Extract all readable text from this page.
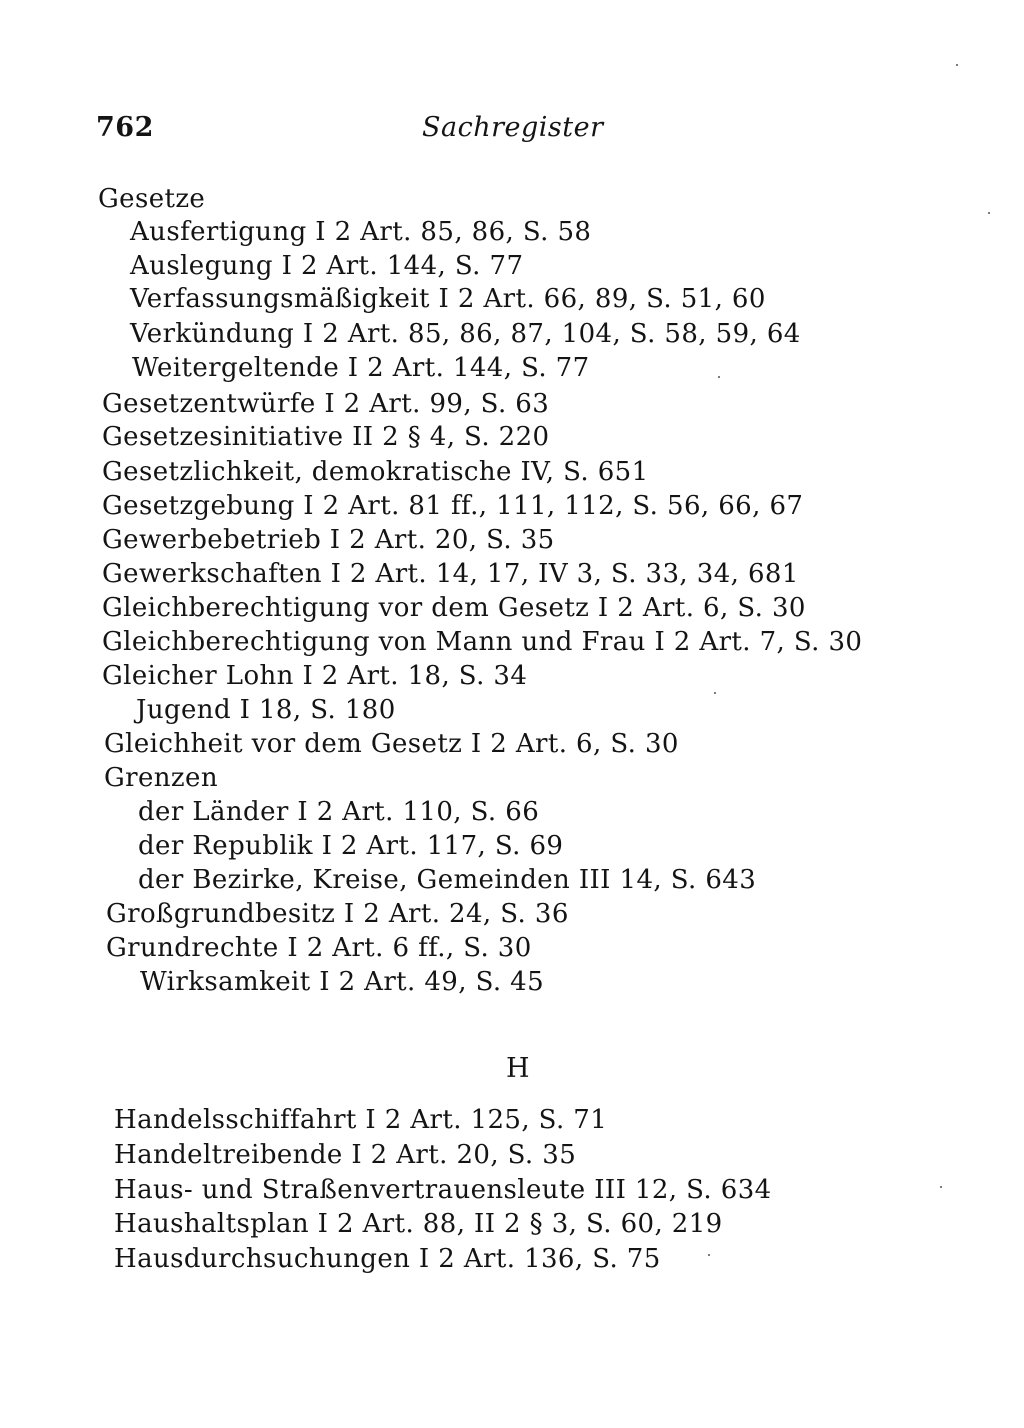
762	Sachregister
Gesetze
Ausfertigung I 2 Art. 85, 86, S. 58
Auslegung I 2 Art. 144, S. 77
Verfassungsmäßigkeit I 2 Art. 66, 89, S. 51, 60
Verkündung I 2 Art. 85, 86, 87, 104, S. 58, 59, 64
Weitergeltende I 2 Art. 144, S. 77
Gesetzentwürfe I 2 Art. 99, S. 63
Gesetzesinitiative II 2 § 4, S. 220
Gesetzlichkeit, demokratische IV, S. 651
Gesetzgebung I 2 Art. 81 ff., 111, 112, S. 56, 66, 67
Gewerbebetrieb I 2 Art. 20, S. 35
Gewerkschaften I 2 Art. 14, 17, IV 3, S. 33, 34, 681
Gleichberechtigung vor dem Gesetz I 2 Art. 6, S. 30
Gleichberechtigung von Mann und Frau I 2 Art. 7, S. 30
Gleicher Lohn I 2 Art. 18, S. 34
Jugend I 18, S. 180
Gleichheit vor dem Gesetz I 2 Art. 6, S. 30
Grenzen
der Länder I 2 Art. 110, S. 66
der Republik I 2 Art. 117, S. 69
der Bezirke, Kreise, Gemeinden III 14, S. 643
Großgrundbesitz I 2 Art. 24, S. 36
Grundrechte I 2 Art. 6 ff., S. 30
Wirksamkeit I 2 Art. 49, S. 45
H
Handelsschiffahrt I 2 Art. 125, S. 71
Handeltreibende I 2 Art. 20, S. 35
Haus- und Straßenvertrauensleute III 12, S. 634
Haushaltsplan I 2 Art. 88, II 2 § 3, S. 60, 219
Hausdurchsuchungen I 2 Art. 136, S. 75
